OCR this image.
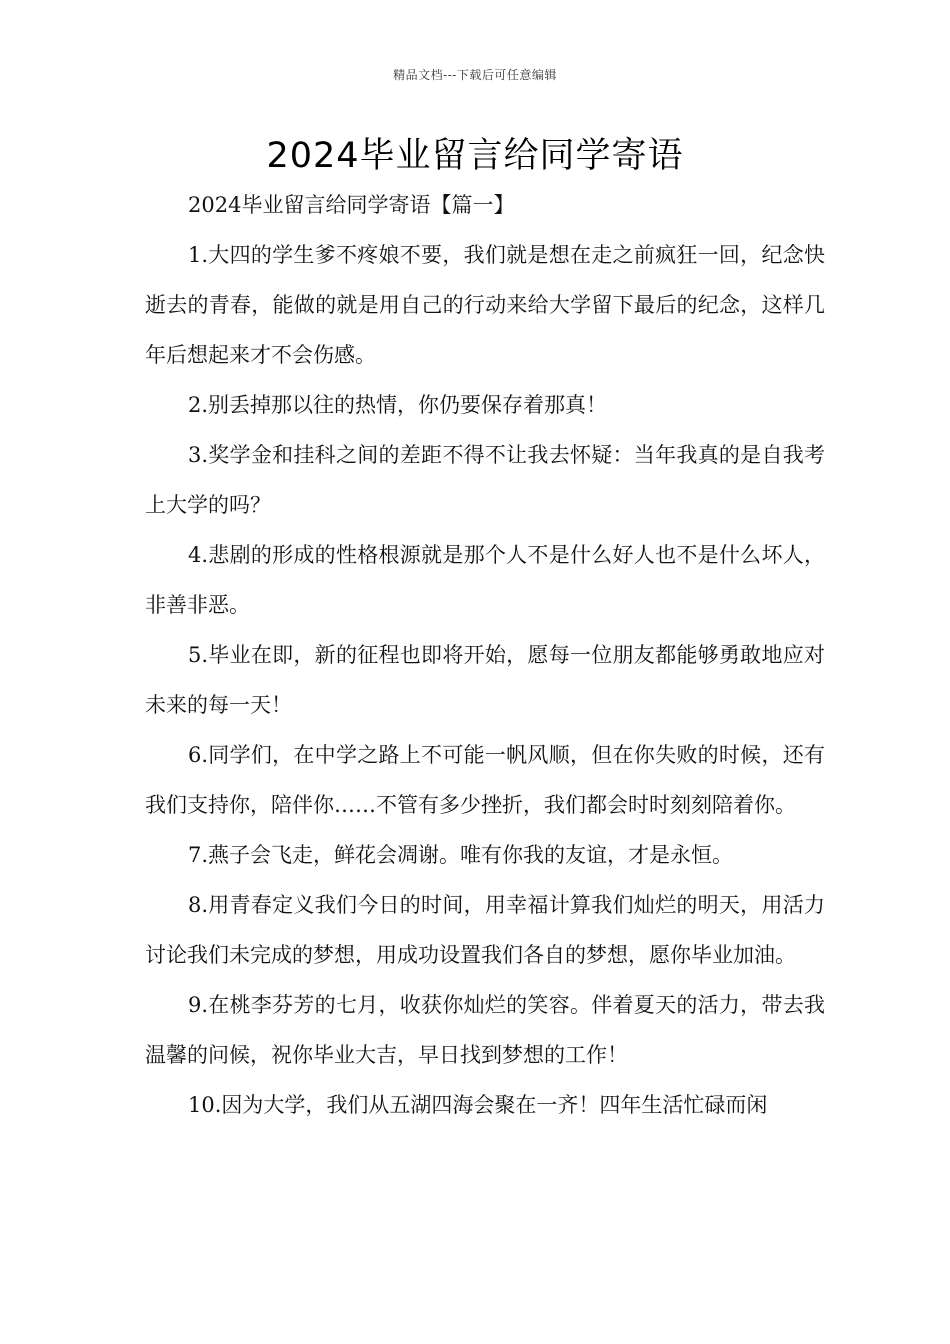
精品文档---下载后可任意编辑
2024毕业留言给同学寄语

2024毕业留言给同学寄语【篇一】

1.大四的学生爹不疼娘不要，我们就是想在走之前疯狂一回，纪念快逝去的青春，能做的就是用自己的行动来给大学留下最后的纪念，这样几年后想起来才不会伤感。

2.别丢掉那以往的热情，你仍要保存着那真！

3.奖学金和挂科之间的差距不得不让我去怀疑：当年我真的是自我考上大学的吗？

4.悲剧的形成的性格根源就是那个人不是什么好人也不是什么坏人，非善非恶。

5.毕业在即，新的征程也即将开始，愿每一位朋友都能够勇敢地应对未来的每一天！

6.同学们，在中学之路上不可能一帆风顺，但在你失败的时候，还有我们支持你，陪伴你……不管有多少挫折，我们都会时时刻刻陪着你。

7.燕子会飞走，鲜花会凋谢。唯有你我的友谊，才是永恒。

8.用青春定义我们今日的时间，用幸福计算我们灿烂的明天，用活力讨论我们未完成的梦想，用成功设置我们各自的梦想，愿你毕业加油。

9.在桃李芬芳的七月，收获你灿烂的笑容。伴着夏天的活力，带去我温馨的问候，祝你毕业大吉，早日找到梦想的工作！

10.因为大学，我们从五湖四海会聚在一齐！四年生活忙碌而闲
